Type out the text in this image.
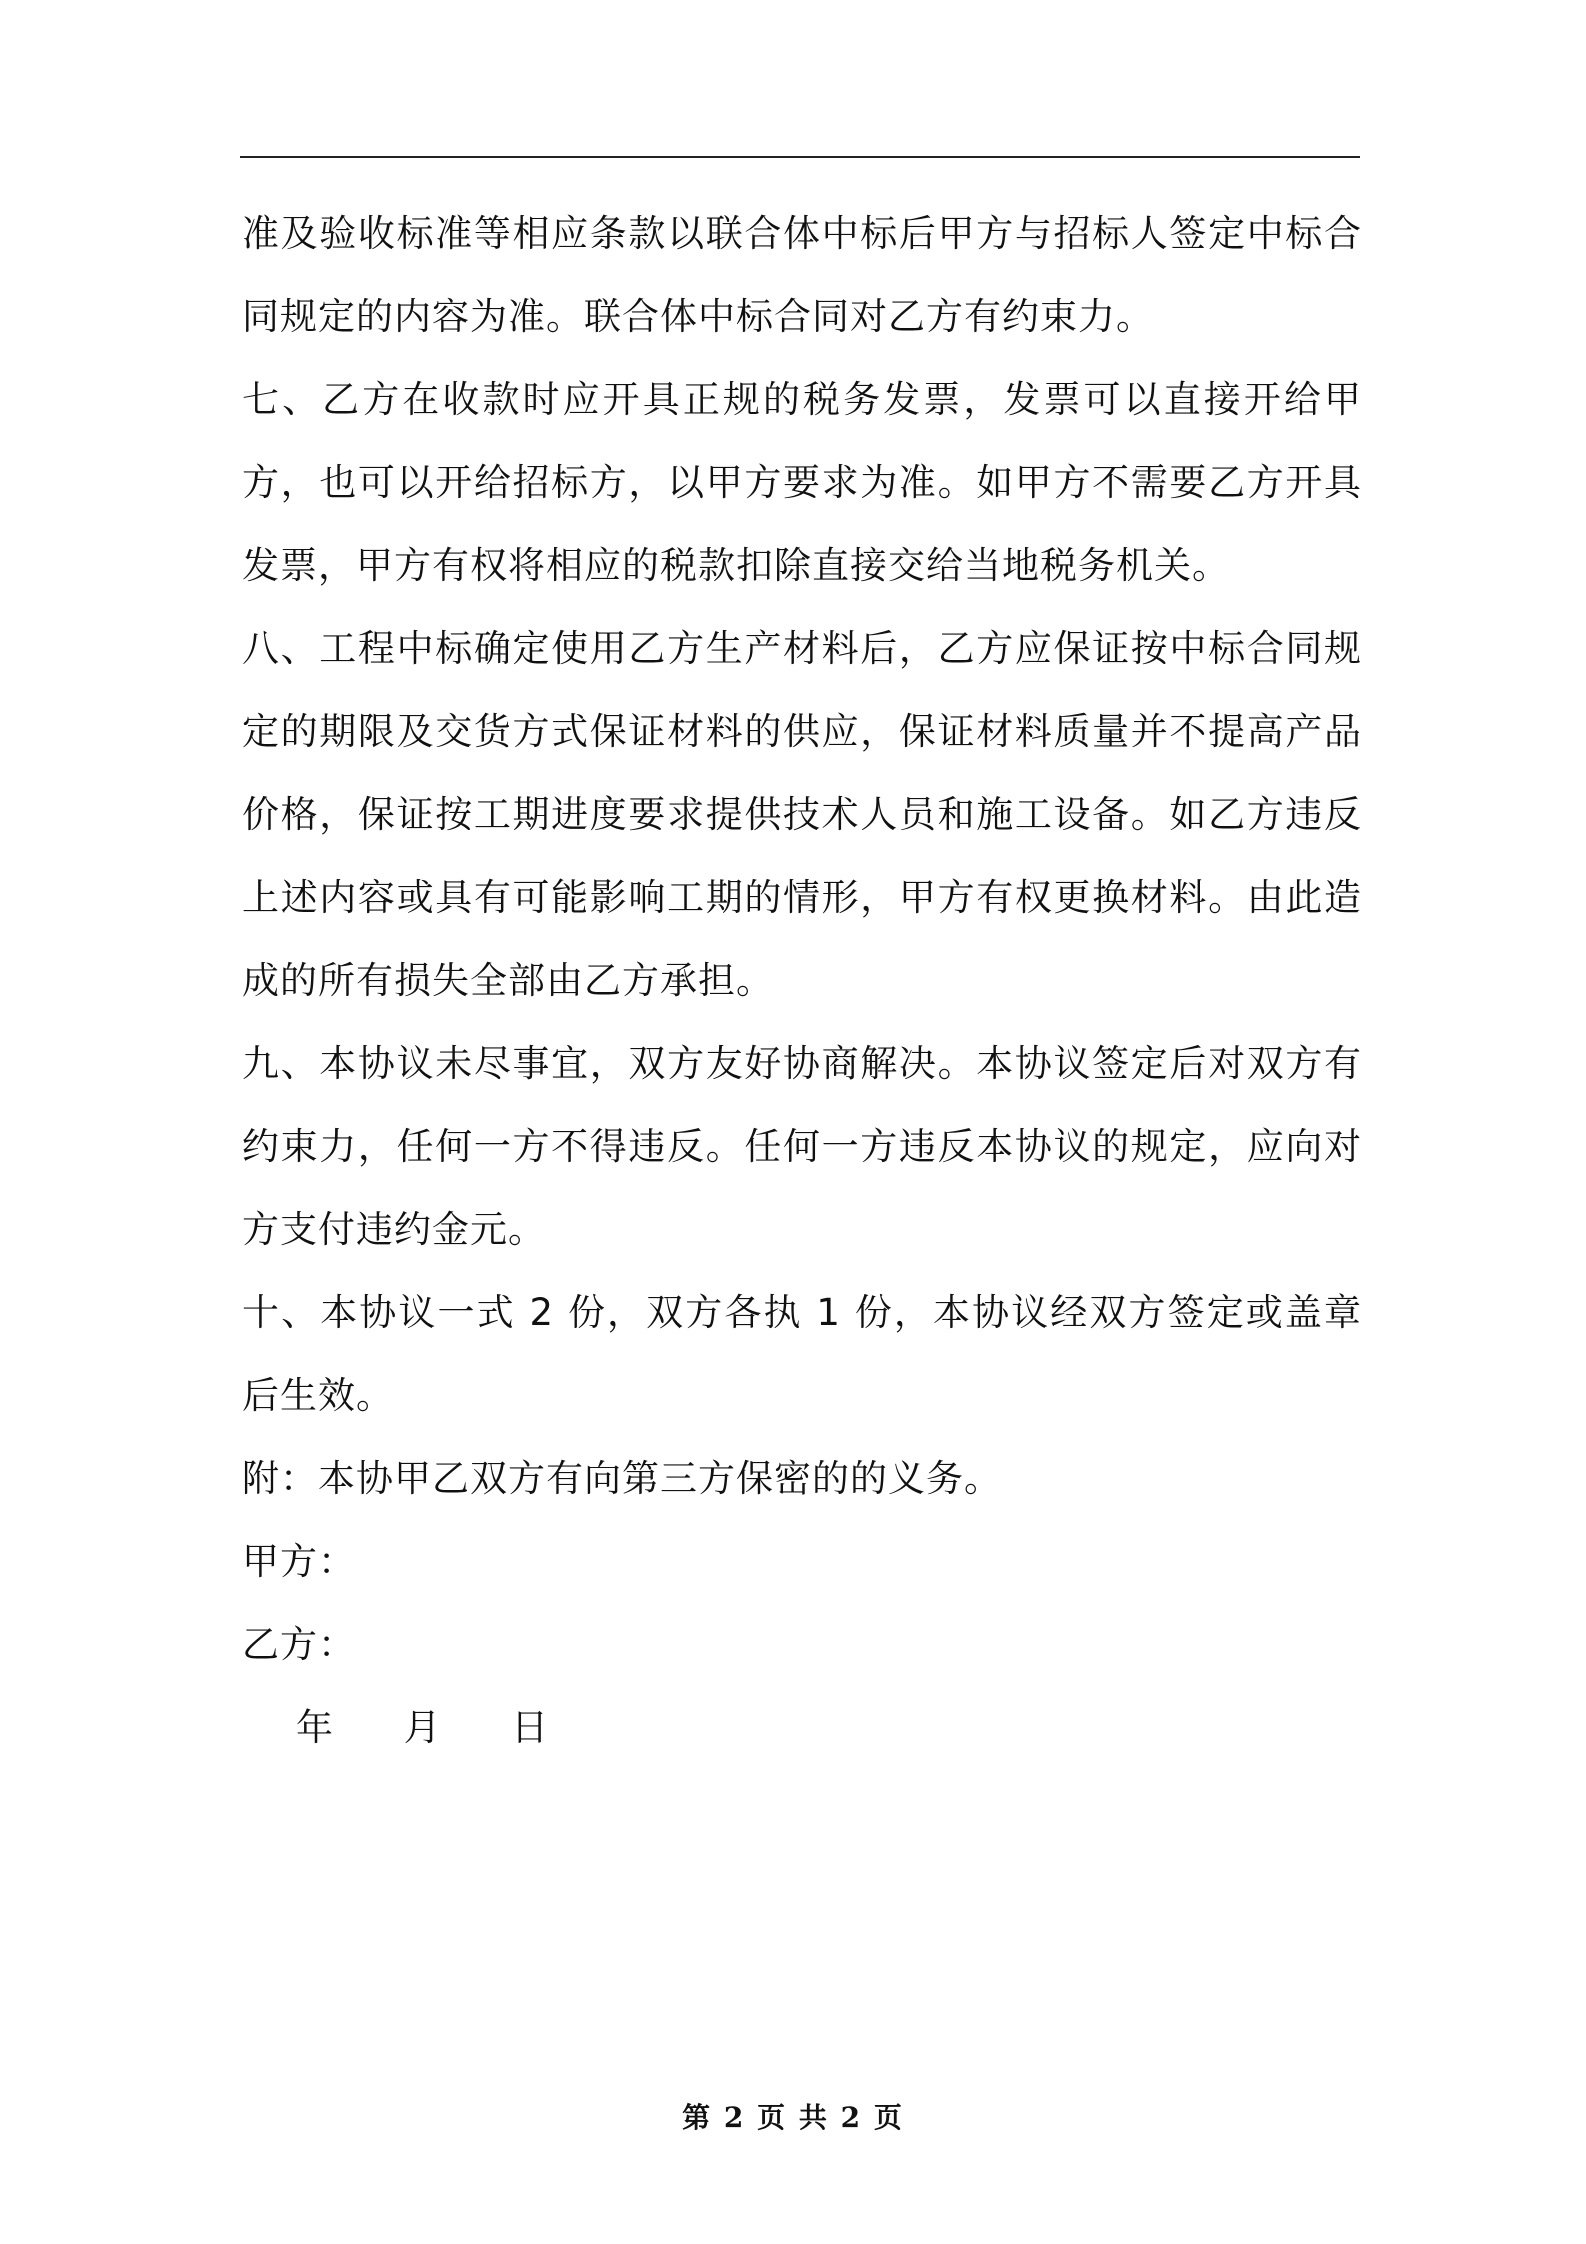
准及验收标准等相应条款以联合体中标后甲方与招标人签定中标合同规定的内容为准。联合体中标合同对乙方有约束力。

七、乙方在收款时应开具正规的税务发票，发票可以直接开给甲方，也可以开给招标方，以甲方要求为准。如甲方不需要乙方开具发票，甲方有权将相应的税款扣除直接交给当地税务机关。

八、工程中标确定使用乙方生产材料后，乙方应保证按中标合同规定的期限及交货方式保证材料的供应，保证材料质量并不提高产品价格，保证按工期进度要求提供技术人员和施工设备。如乙方违反上述内容或具有可能影响工期的情形，甲方有权更换材料。由此造成的所有损失全部由乙方承担。

九、本协议未尽事宜，双方友好协商解决。本协议签定后对双方有约束力，任何一方不得违反。任何一方违反本协议的规定，应向对方支付违约金元。

十、本协议一式 2 份，双方各执 1 份，本协议经双方签定或盖章后生效。

附：本协甲乙双方有向第三方保密的的义务。

甲方：

乙方：

年 月 日

第 2 页 共 2 页
